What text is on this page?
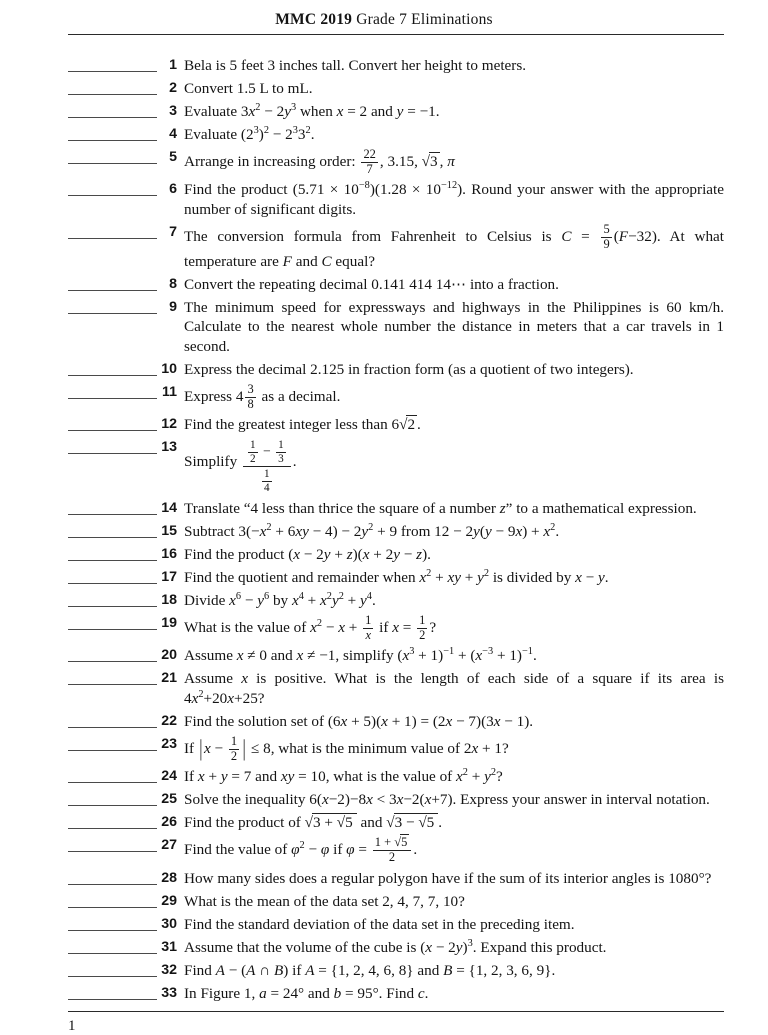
MMC 2019 Grade 7 Eliminations
1 Bela is 5 feet 3 inches tall. Convert her height to meters.
2 Convert 1.5 L to mL.
3 Evaluate $3x^2 - 2y^3$ when x = 2 and y = −1.
4 Evaluate $(2^3)^2 - 2^33^2$.
5 Arrange in increasing order: $\frac{22}{7}$ , 3.15, √3 , π
6 Find the product $(5.71 \times 10^{-8})(1.28 \times 10^{-12})$. Round your answer with the appropriate number of significant digits.
7 The conversion formula from Fahrenheit to Celsius is $C = \frac{5}{9} (F-32)$. At what temperature are F and C equal?
8 Convert the repeating decimal 0.141 414 14⋯ into a fraction.
9 The minimum speed for expressways and highways in the Philippines is 60 km/h. Calculate to the nearest whole number the distance in meters that a car travels in 1 second.
10 Express the decimal 2.125 in fraction form (as a quotient of two integers).
11 Express $4 \frac{3}{8}$ as a decimal.
12 Find the greatest integer less than 6√2 .
13
Simplify $\frac{\frac{1}{2} - \frac{1}{3}}{\frac{1}{4}}$ .
14 Translate “4 less than thrice the square of a number z” to a mathematical expression.
15 Subtract $3(-x^2 + 6xy - 4) - 2y^2 + 9$ from $12 - 2y(y - 9x) + x^2$.
16 Find the product (x − 2y + z)(x + 2y − z).
17 Find the quotient and remainder when $x^2$ + xy + $y^2$ is divided by x − y.
18 Divide $x^6 - y^6$ by $x^4 + x^2y^2 + y^4$.
19 What is the value of $x^2 - x + \frac{1}{x}$ if $x = \frac{1}{2}$ ?
20 Assume x ≠ 0 and x ≠ −1, simplify $(x^3 + 1)^{-1} + (x^{-3} + 1)^{-1}$.
21 Assume x is positive. What is the length of each side of a square if its area is $4x^2+20x+25$?
22 Find the solution set of (6x + 5)(x + 1) = (2x − 7)(3x − 1).
23 If $|x - \frac{1}{2}$ | ≤ 8, what is the minimum value of 2x + 1?
24 If x + y = 7 and xy = 10, what is the value of $x^2 + y^2$?
25 Solve the inequality 6(x−2)−8x < 3x−2(x+7). Express your answer in interval notation.
26 Find the product of √3 + √5 and √3 − √5 .
27 Find the value of $\varphi^2 - \varphi$ if $\varphi = \frac{1 + √5}{2}$ .
28 How many sides does a regular polygon have if the sum of its interior angles is 1080°?
29 What is the mean of the data set 2, 4, 7, 7, 10?
30 Find the standard deviation of the data set in the preceding item.
31 Assume that the volume of the cube is $(x - 2y)^3$. Expand this product.
32 Find A − (A ∩ B) if A = {1, 2, 4, 6, 8} and B = {1, 2, 3, 6, 9}.
33 In Figure 1, a = 24° and b = 95°. Find c.
1
